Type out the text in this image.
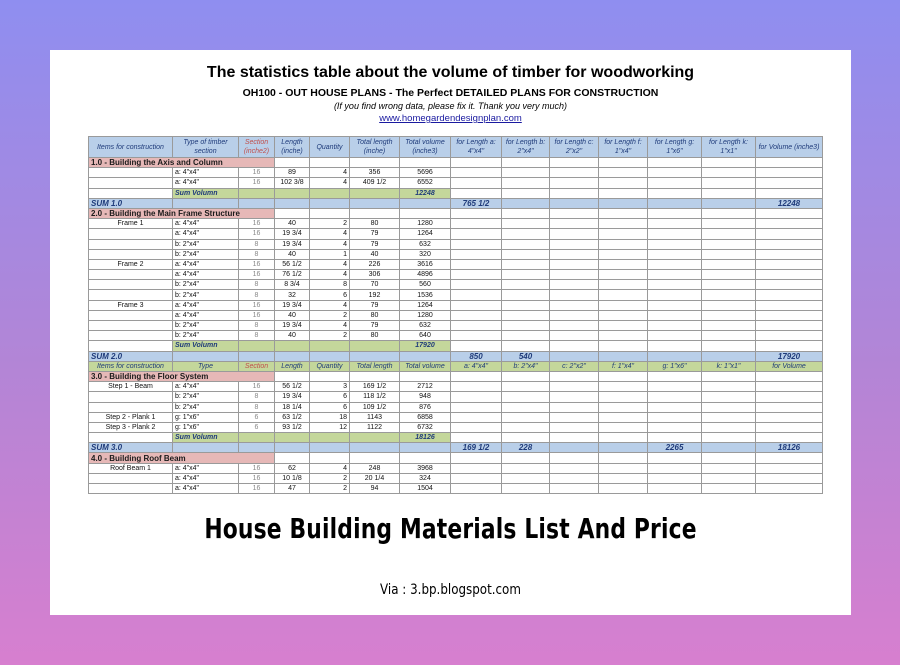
The statistics table about the volume of timber for woodworking
OH100 - OUT HOUSE PLANS - The Perfect DETAILED PLANS FOR CONSTRUCTION
(If you find wrong data, please fix it. Thank you very much)
www.homegardendesignplan.com
Items for construction	Type of timber section	Section (inche2)	Length (inche)	Quantity	Total length (inche)	Total volume (inche3)	for Length a: 4"x4"	for Length b: 2"x4"	for Length c: 2"x2"	for Length f: 1"x4"	for Length g: 1"x6"	for Length k: 1"x1"	for Volume (inche3)
1.0 - Building the Axis and Column													
	a: 4"x4"	16	89	4	356	5696							
	a: 4"x4"	16	102 3/8	4	409 1/2	6552							
	Sum Volumn					12248							
SUM 1.0							765 1/2						12248
2.0 - Building the Main Frame Structure													
Frame 1	a: 4"x4"	16	40	2	80	1280							
	a: 4"x4"	16	19 3/4	4	79	1264							
	b: 2"x4"	8	19 3/4	4	79	632							
	b: 2"x4"	8	40	1	40	320							
Frame 2	a: 4"x4"	16	56 1/2	4	226	3616							
	a: 4"x4"	16	76 1/2	4	306	4896							
	b: 2"x4"	8	8 3/4	8	70	560							
	b: 2"x4"	8	32	6	192	1536							
Frame 3	a: 4"x4"	16	19 3/4	4	79	1264							
	a: 4"x4"	16	40	2	80	1280							
	b: 2"x4"	8	19 3/4	4	79	632							
	b: 2"x4"	8	40	2	80	640							
	Sum Volumn					17920							
SUM 2.0							850	540					17920
Items for construction	Type	Section	Length	Quantity	Total length	Total volume	a: 4"x4"	b: 2"x4"	c: 2"x2"	f: 1"x4"	g: 1"x6"	k: 1"x1"	for Volume
3.0 - Building the Floor System													
Step 1 - Beam	a: 4"x4"	16	56 1/2	3	169 1/2	2712							
	b: 2"x4"	8	19 3/4	6	118 1/2	948							
	b: 2"x4"	8	18 1/4	6	109 1/2	876							
Step 2 - Plank 1	g: 1"x6"	6	63 1/2	18	1143	6858							
Step 3 - Plank 2	g: 1"x6"	6	93 1/2	12	1122	6732							
	Sum Volumn					18126							
SUM 3.0							169 1/2	228			2265		18126
4.0 - Building Roof Beam													
Roof Beam 1	a: 4"x4"	16	62	4	248	3968							
	a: 4"x4"	16	10 1/8	2	20 1/4	324							
	a: 4"x4"	16	47	2	94	1504							
House Building Materials List And Price
Via : 3.bp.blogspot.com
